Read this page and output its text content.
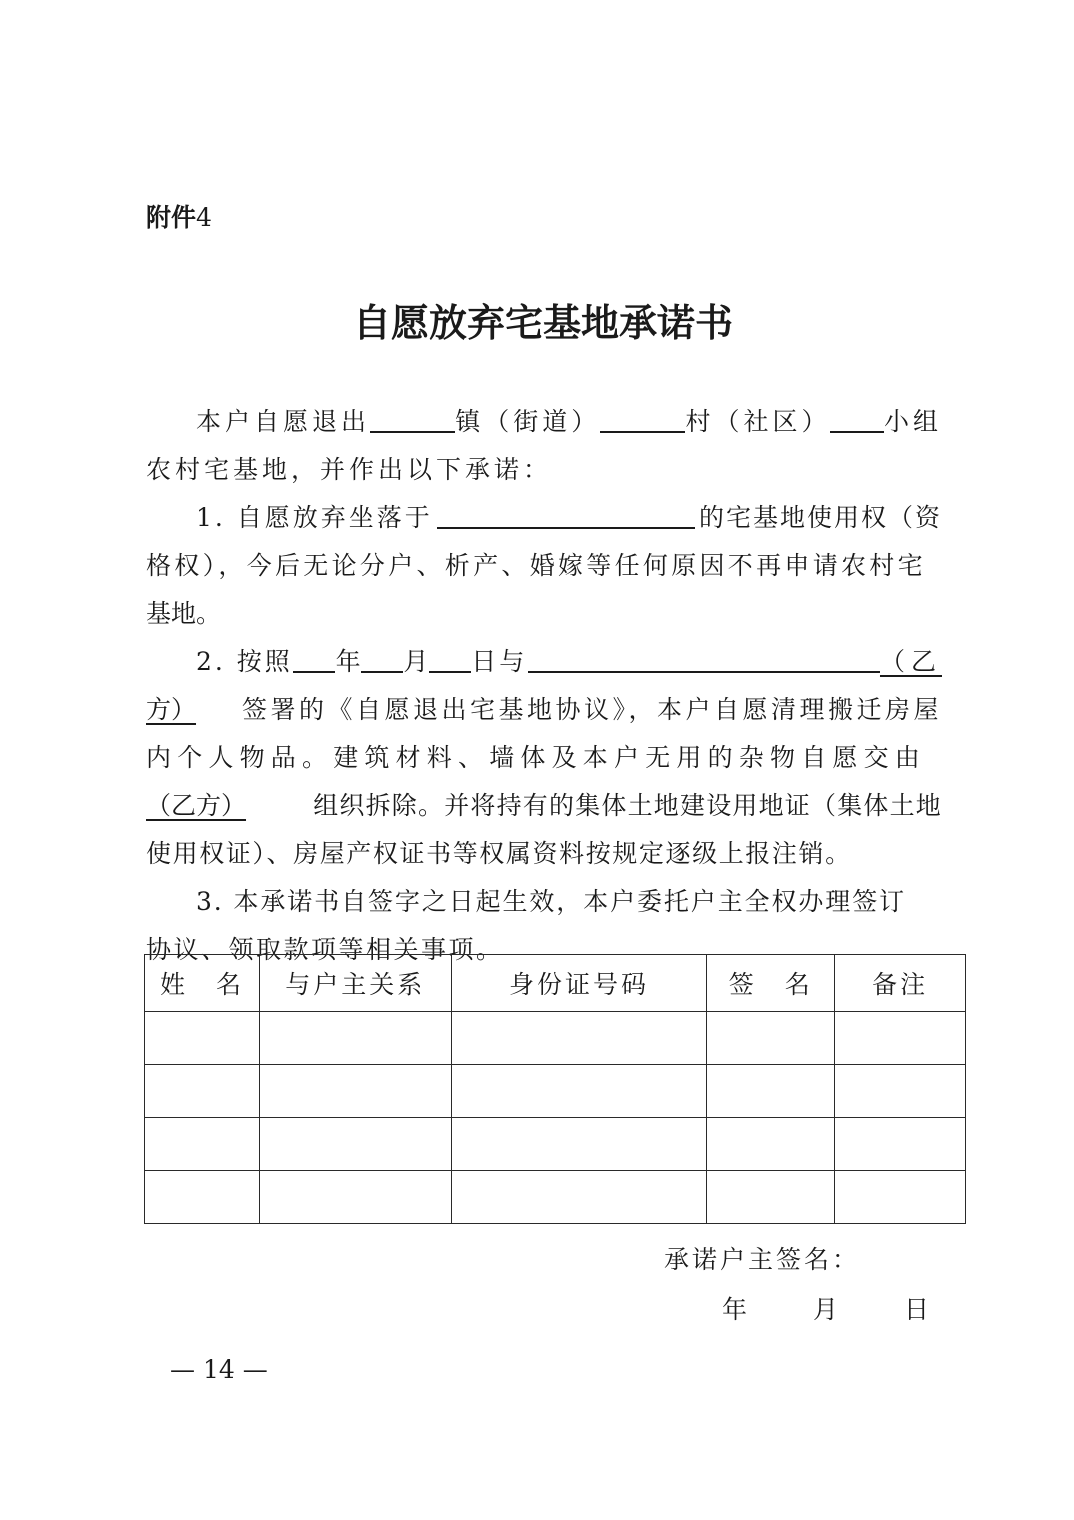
附件4
自愿放弃宅基地承诺书
本户自愿退出	镇（街道）	村（社区） 小组
农村宅基地，并作出以下承诺：
1. 自愿放弃坐落于	的宅基地使用权（资
格权），今后无论分户、析产、婚嫁等任何原因不再申请农村宅
基地。
2. 按照 年 月 日与	（乙
方）	签署的《自愿退出宅基地协议》，本户自愿清理搬迁房屋
内个人物品。建筑材料、墙体及本户无用的杂物自愿交由
（乙方）	组织拆除。并将持有的集体土地建设用地证（集体土地
使用权证）、房屋产权证书等权属资料按规定逐级上报注销。
3. 本承诺书自签字之日起生效，本户委托户主全权办理签订
协议、领取款项等相关事项。
姓　名	与户主关系	身份证号码	签　名	备注

承诺户主签名：
年	月	日
— 14 —
